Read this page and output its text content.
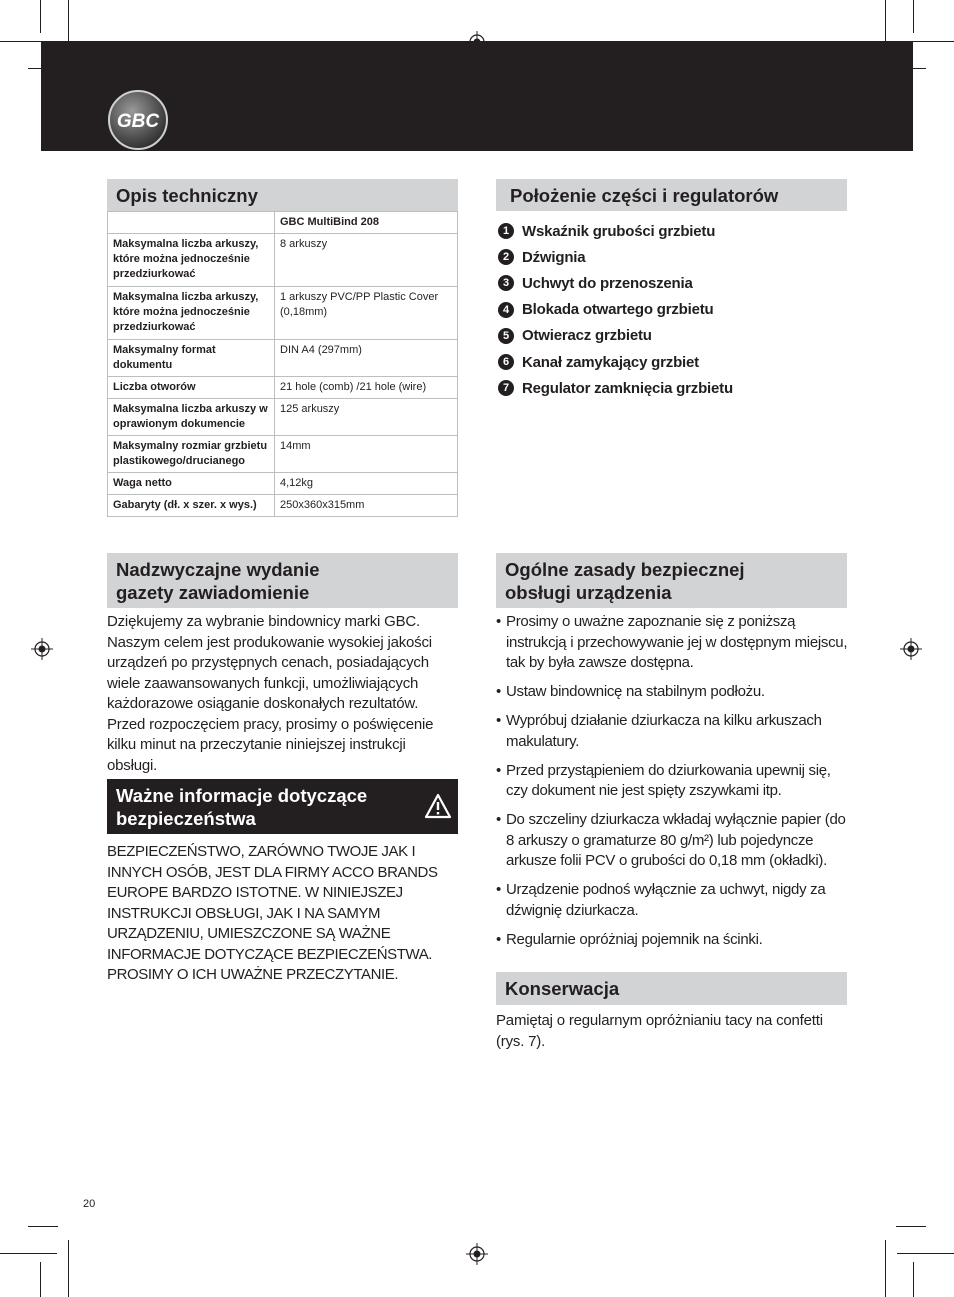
GBC
Opis techniczny
	GBC MultiBind 208
Maksymalna liczba arkuszy, które można jednocześnie przedziurkować	8 arkuszy
Maksymalna liczba arkuszy, które można jednocześnie przedziurkować	1 arkuszy PVC/PP Plastic Cover (0,18mm)
Maksymalny format dokumentu	DIN A4 (297mm)
Liczba otworów	21 hole (comb) /21 hole (wire)
Maksymalna liczba arkuszy w oprawionym dokumencie	125 arkuszy
Maksymalny rozmiar grzbietu plastikowego/drucianego	14mm
Waga netto	4,12kg
Gabaryty (dł. x szer. x wys.)	250x360x315mm
Położenie części i regulatorów
1 Wskaźnik grubości grzbietu
2 Dźwignia
3 Uchwyt do przenoszenia
4 Blokada otwartego grzbietu
5 Otwieracz grzbietu
6 Kanał zamykający grzbiet
7 Regulator zamknięcia grzbietu
Nadzwyczajne wydanie
gazety zawiadomienie

Dziękujemy za wybranie bindownicy marki GBC. Naszym celem jest produkowanie wysokiej jakości urządzeń po przystępnych cenach, posiadających wiele zaawansowanych funkcji, umożliwiających każdorazowe osiąganie doskonałych rezultatów. Przed rozpoczęciem pracy, prosimy o poświęcenie kilku minut na przeczytanie niniejszej instrukcji obsługi.

Ważne informacje dotyczące
bezpieczeństwa

BEZPIECZEŃSTWO, ZARÓWNO TWOJE JAK I INNYCH OSÓB, JEST DLA FIRMY ACCO BRANDS EUROPE BARDZO ISTOTNE. W NINIEJSZEJ INSTRUKCJI OBSŁUGI, JAK I NA SAMYM URZĄDZENIU, UMIESZCZONE SĄ WAŻNE INFORMACJE DOTYCZĄCE BEZPIECZEŃSTWA. PROSIMY O ICH UWAŻNE PRZECZYTANIE.

Ogólne zasady bezpiecznej
obsługi urządzenia
• Prosimy o uważne zapoznanie się z poniższą instrukcją i przechowywanie jej w dostępnym miejscu, tak by była zawsze dostępna.
• Ustaw bindownicę na stabilnym podłożu.
• Wypróbuj działanie dziurkacza na kilku arkuszach makulatury.
• Przed przystąpieniem do dziurkowania upewnij się, czy dokument nie jest spięty zszywkami itp.
• Do szczeliny dziurkacza wkładaj wyłącznie papier (do 8 arkuszy o gramaturze 80 g/m²) lub pojedyncze arkusze folii PCV o grubości do 0,18 mm (okładki).
• Urządzenie podnoś wyłącznie za uchwyt, nigdy za dźwignię dziurkacza.
• Regularnie opróżniaj pojemnik na ścinki.
Konserwacja

Pamiętaj o regularnym opróżnianiu tacy na confetti (rys. 7).

20
